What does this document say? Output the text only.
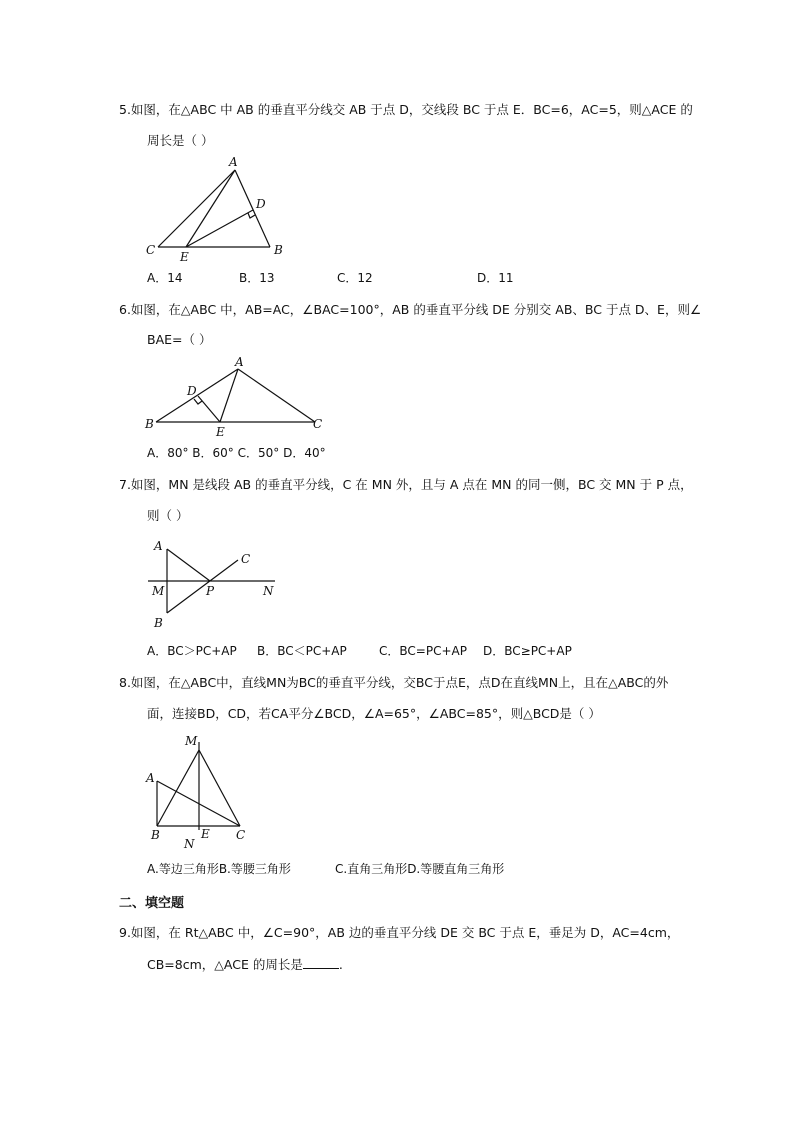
5.如图，在△ABC 中 AB 的垂直平分线交 AB 于点 D，交线段 BC 于点 E．BC=6，AC=5，则△ACE 的
周长是（ ）
A
C	B
D
E
A．14	B．13	C．12	D．11
6.如图，在△ABC 中，AB=AC，∠BAC=100°，AB 的垂直平分线 DE 分别交 AB、BC 于点 D、E，则∠
BAE=（ ）
A
B	C
D
E
A．80° B．60° C．50° D．40°
7.如图，MN 是线段 AB 的垂直平分线，C 在 MN 外，且与 A 点在 MN 的同一侧，BC 交 MN 于 P 点，
则（ ）
A
B
C
M	P	N
A．BC＞PC+AP B．BC＜PC+AP	C．BC=PC+AP D．BC≥PC+AP
8.如图，在△ABC中，直线MN为BC的垂直平分线，交BC于点E，点D在直线MN上，且在△ABC的外
面，连接BD，CD，若CA平分∠BCD，∠A=65°，∠ABC=85°，则△BCD是（ ）
M
A
B	E C
N
A.等边三角形B.等腰三角形	C.直角三角形D.等腰直角三角形
二、填空题
9.如图，在 Rt△ABC 中，∠C=90°，AB 边的垂直平分线 DE 交 BC 于点 E，垂足为 D，AC=4cm，
CB=8cm，△ACE 的周长是	.
